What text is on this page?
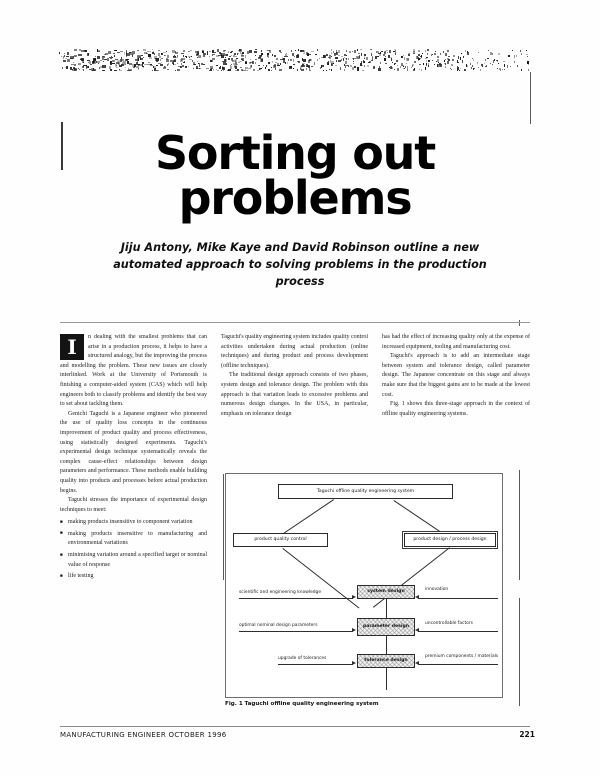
Sorting out
problems
Jiju Antony, Mike Kaye and David Robinson outline a new automated approach to solving problems in the production process

I	n dealing with the smallest problems that can arise in a production process, it helps to have a structured analogy, but the improving the process and modelling the problem. These new issues are closely interlinked. Work at the University of Portsmouth is finishing a computer-aided system (CAS) which will help engineers both to classify problems and identify the best way to set about tackling them.

Genichi Taguchi is a Japanese engineer who pioneered the use of quality loss concepts in the continuous improvement of product quality and process effectiveness, using statistically designed experiments. Taguchi's experimental design technique systematically reveals the complex cause-effect relationships between design parameters and performance. These methods enable building quality into products and processes before actual production begins.

Taguchi stresses the importance of experimental design techniques to meet:

■ making products insensitive to component variation
■ making products insensitive to manufacturing and environmental variations
■ minimising variation around a specified target or nominal value of response
■ life testing

Taguchi's quality engineering system includes quality control activities undertaken during actual production (online techniques) and during product and process development (offline techniques).

The traditional design approach consists of two phases, system design and tolerance design. The problem with this approach is that variation leads to excessive problems and numerous design changes. In the USA, in particular, emphasis on tolerance design

has had the effect of increasing quality only at the expense of increased equipment, tooling and manufacturing cost.

Taguchi's approach is to add an intermediate stage between system and tolerance design, called parameter design. The Japanese concentrate on this stage and always make sure that the biggest gains are to be made at the lowest cost.

Fig. 1 shows this three-stage approach in the context of offline quality engineering systems.

Taguchi offline quality engineering system
product quality control	product design / process design
scientific and engineering knowledge	system design	innovation
optimal nominal design parameters	parameter design
uncontrollable factors
upgrade of tolerances	tolerance design
premium components / materials
Fig. 1 Taguchi offline quality engineering system
MANUFACTURING ENGINEER OCTOBER 1996	221
